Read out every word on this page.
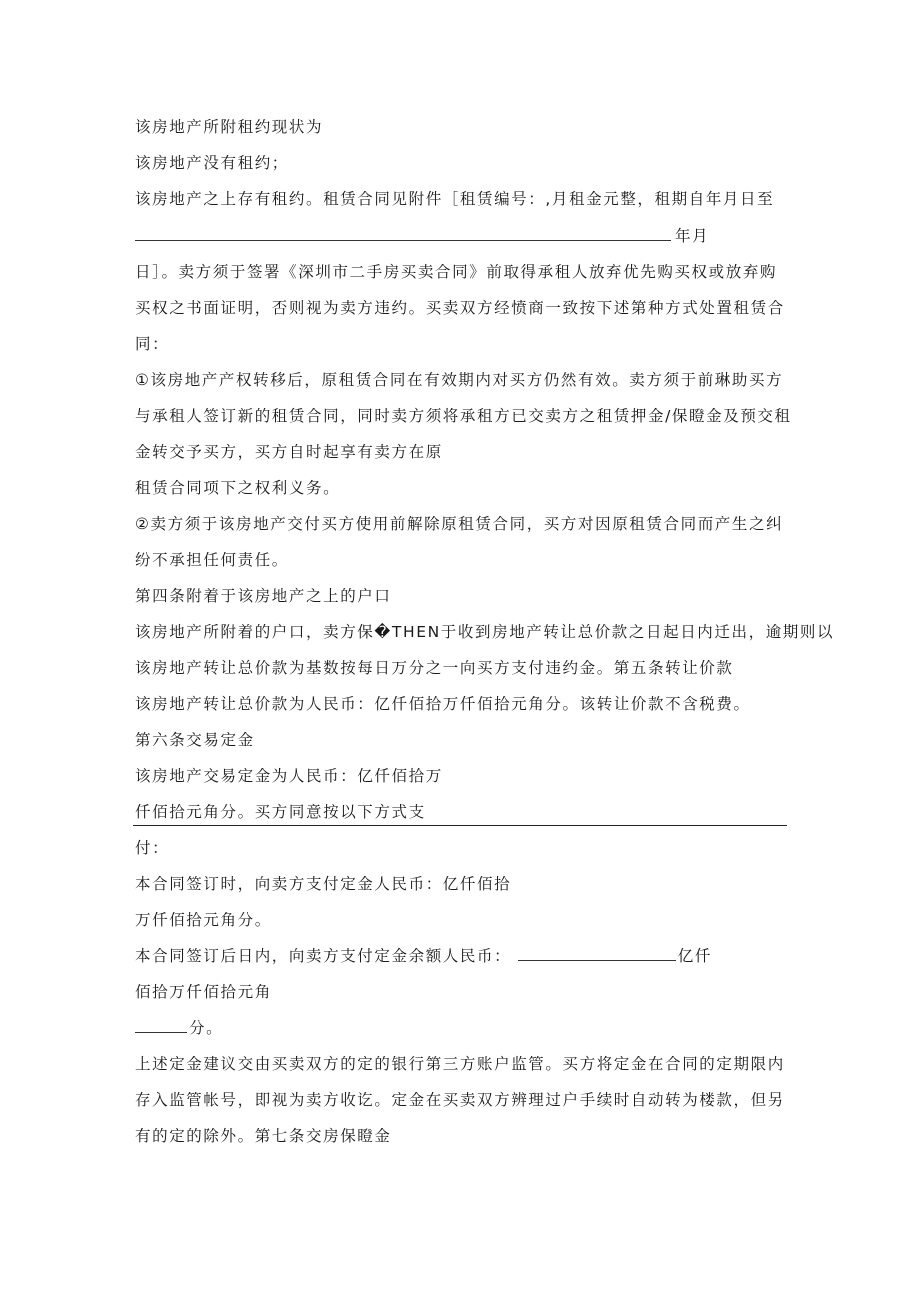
该房地产所附租约现状为
该房地产没有租约；
该房地产之上存有租约。租赁合同见附件［租赁编号：,月租金元整，租期自年月日至
年月
日］。卖方须于签署《深圳市二手房买卖合同》前取得承租人放弃优先购买权或放弃购
买权之书面证明，否则视为卖方违约。买卖双方经愤商一致按下述第种方式处置租赁合
同：
①该房地产产权转移后，原租赁合同在有效期内对买方仍然有效。卖方须于前琳助买方
与承租人签订新的租赁合同，同时卖方须将承租方已交卖方之租赁押金/保瞪金及预交租
金转交予买方，买方自时起享有卖方在原
租赁合同项下之权利义务。
②卖方须于该房地产交付买方使用前解除原租赁合同，买方对因原租赁合同而产生之纠
纷不承担任何责任。
第四条附着于该房地产之上的户口
该房地产所附着的户口，卖方保�THEN于收到房地产转让总价款之日起日内迁出，逾期则以
该房地产转让总价款为基数按每日万分之一向买方支付违约金。第五条转让价款
该房地产转让总价款为人民币：亿仟佰拾万仟佰拾元角分。该转让价款不含税费。
第六条交易定金
该房地产交易定金为人民币：亿仟佰拾万
仟佰拾元角分。买方同意按以下方式支
付：
本合同签订时，向卖方支付定金人民币：亿仟佰拾
万仟佰拾元角分。
本合同签订后日内，向卖方支付定金余额人民币：	亿仟
佰拾万仟佰拾元角
分。
上述定金建议交由买卖双方的定的银行第三方账户监管。买方将定金在合同的定期限内
存入监管帐号，即视为卖方收讫。定金在买卖双方辨理过户手续时自动转为楼款，但另
有的定的除外。第七条交房保瞪金
